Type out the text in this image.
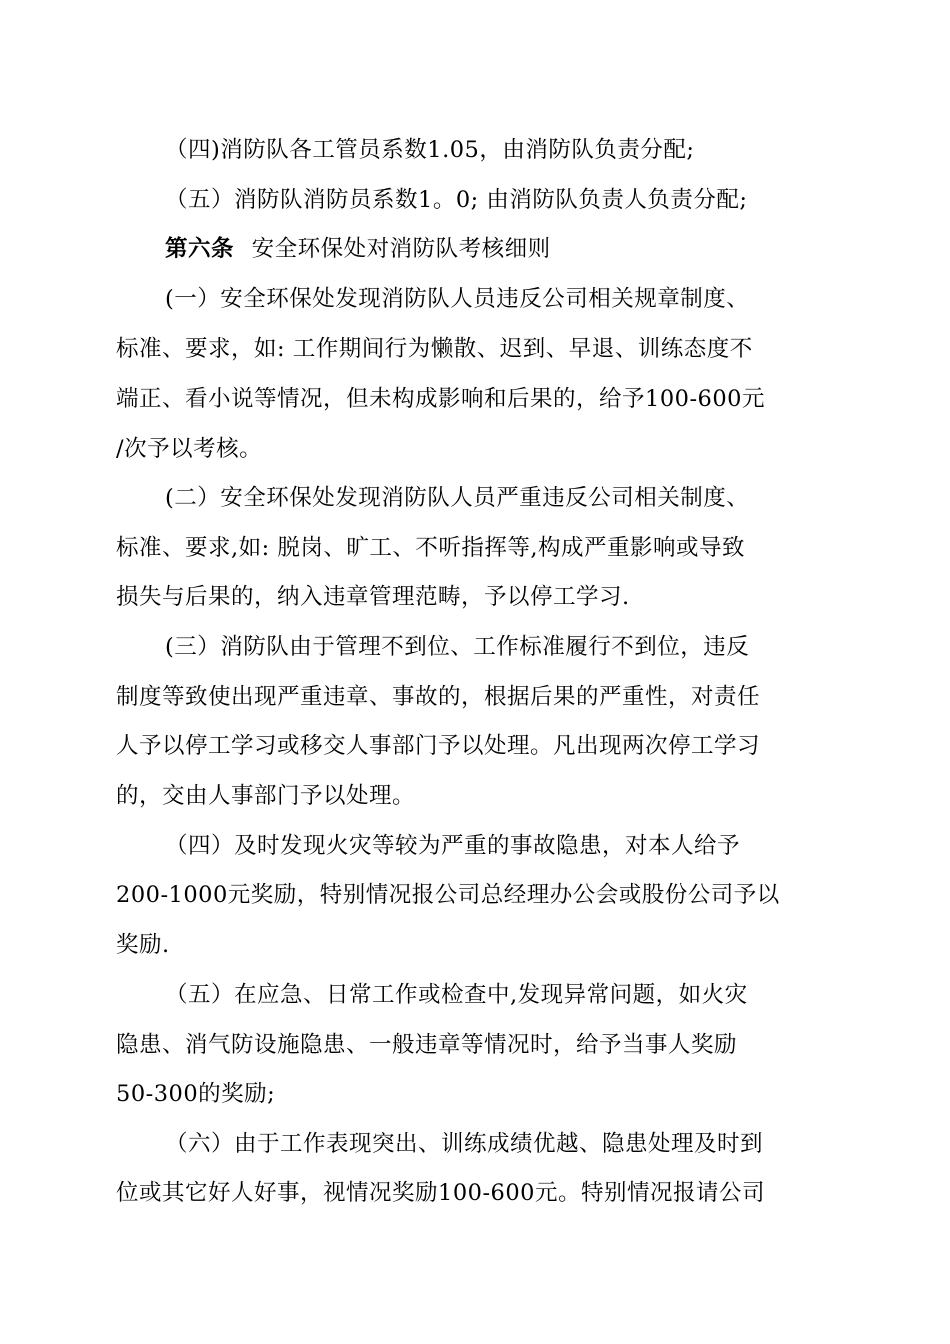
（四)消防队各工管员系数1.05，由消防队负责分配;
（五）消防队消防员系数1。0; 由消防队负责人负责分配;
第六条 安全环保处对消防队考核细则
(一）安全环保处发现消防队人员违反公司相关规章制度、
标准、要求，如: 工作期间行为懒散、迟到、早退、训练态度不
端正、看小说等情况，但未构成影响和后果的，给予100-600元
/次予以考核。
(二）安全环保处发现消防队人员严重违反公司相关制度、
标准、要求,如: 脱岗、旷工、不听指挥等,构成严重影响或导致
损失与后果的，纳入违章管理范畴，予以停工学习.
(三）消防队由于管理不到位、工作标准履行不到位，违反
制度等致使出现严重违章、事故的，根据后果的严重性，对责任
人予以停工学习或移交人事部门予以处理。凡出现两次停工学习
的，交由人事部门予以处理。
（四）及时发现火灾等较为严重的事故隐患，对本人给予
200-1000元奖励，特别情况报公司总经理办公会或股份公司予以
奖励.
（五）在应急、日常工作或检查中,发现异常问题，如火灾
隐患、消气防设施隐患、一般违章等情况时，给予当事人奖励
50-300的奖励;
（六）由于工作表现突出、训练成绩优越、隐患处理及时到
位或其它好人好事，视情况奖励100-600元。特别情况报请公司
